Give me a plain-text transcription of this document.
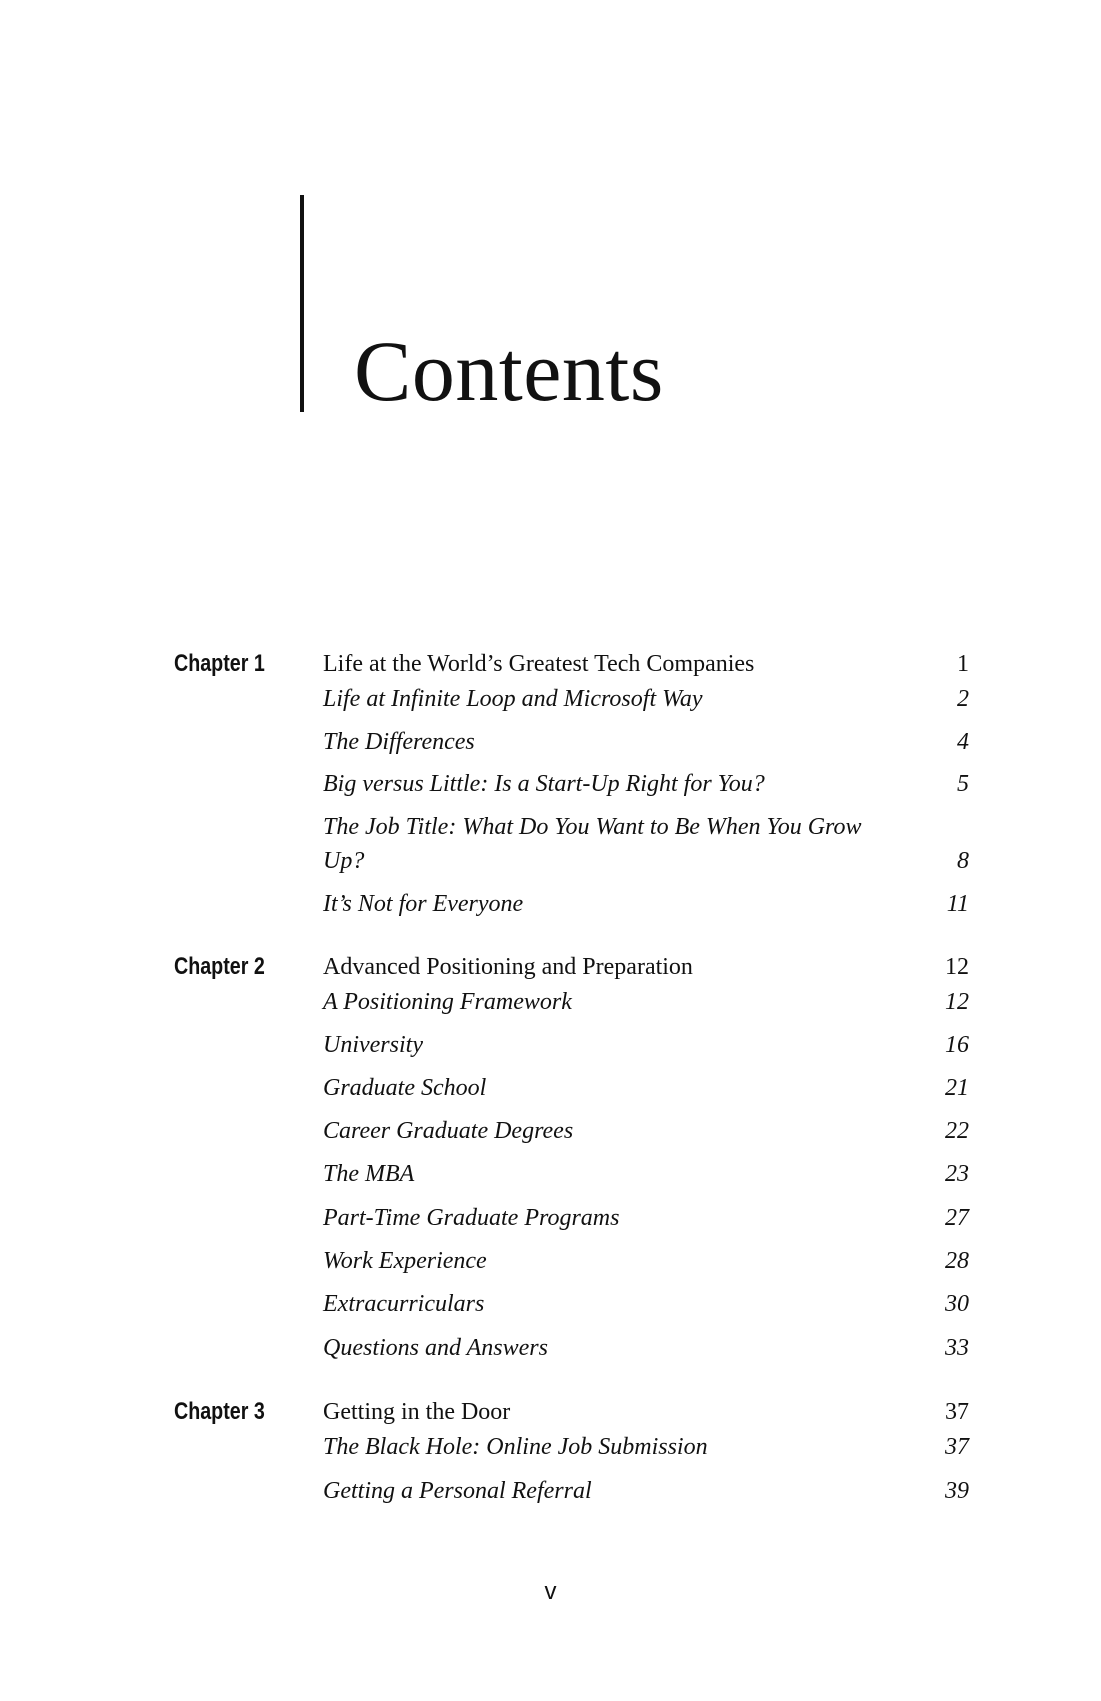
Contents
Chapter 1 Life at the World’s Greatest Tech Companies	1
Life at Infinite Loop and Microsoft Way	2
The Differences	4
Big versus Little: Is a Start-Up Right for You?	5
The Job Title: What Do You Want to Be When You Grow Up?	8
It’s Not for Everyone	11
Chapter 2 Advanced Positioning and Preparation	12
A Positioning Framework	12
University	16
Graduate School	21
Career Graduate Degrees	22
The MBA	23
Part-Time Graduate Programs	27
Work Experience	28
Extracurriculars	30
Questions and Answers	33
Chapter 3 Getting in the Door	37
The Black Hole: Online Job Submission	37
Getting a Personal Referral	39
v
